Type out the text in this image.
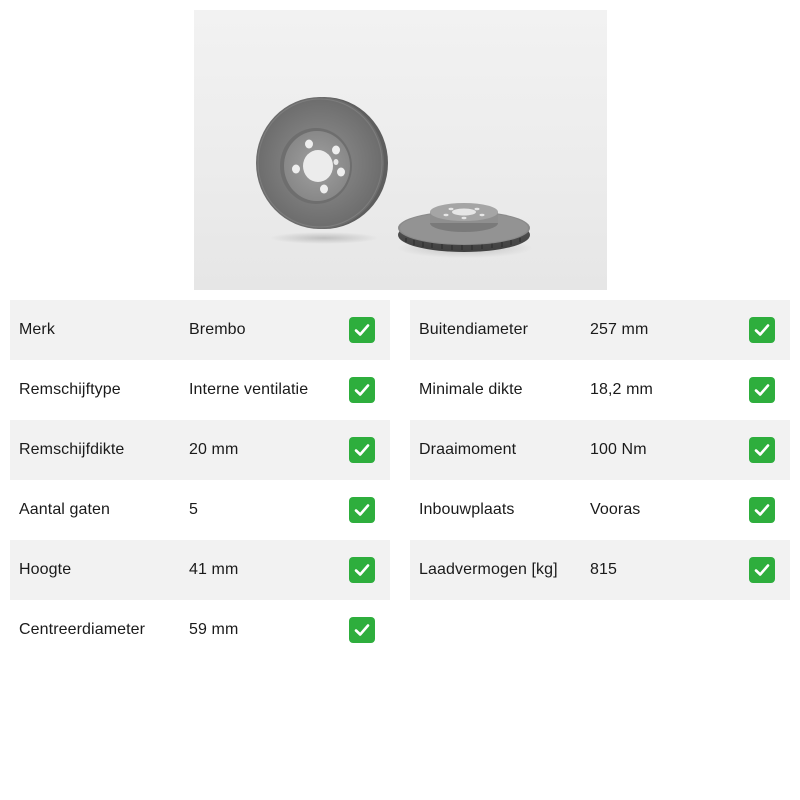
Merk	Brembo
Remschijftype	Interne ventilatie
Remschijfdikte	20 mm
Aantal gaten	5
Hoogte	41 mm
Centreerdiameter	59 mm
Buitendiameter	257 mm
Minimale dikte	18,2 mm
Draaimoment	100 Nm
Inbouwplaats	Vooras
Laadvermogen [kg] 815
